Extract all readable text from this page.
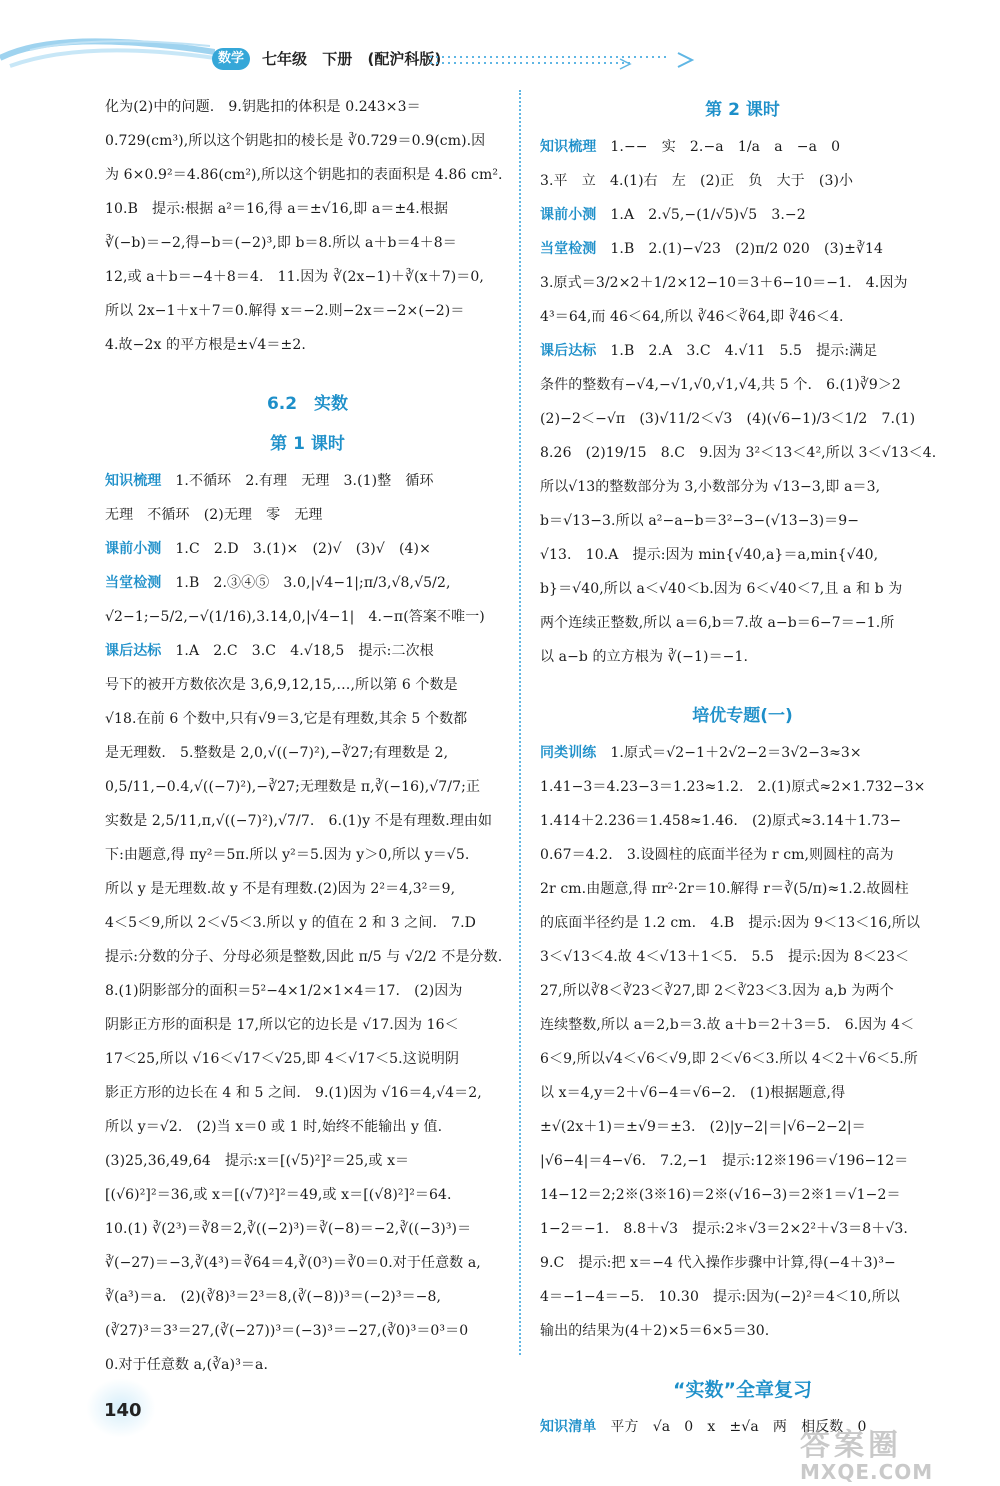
数学	七年级 下册 (配沪科版)
化为(2)中的问题.　9.钥匙扣的体积是 0.243×3＝
0.729(cm³),所以这个钥匙扣的棱长是 ∛0.729＝0.9(cm).因
为 6×0.9²＝4.86(cm²),所以这个钥匙扣的表面积是 4.86 cm².
10.B　提示:根据 a²＝16,得 a＝±√16,即 a＝±4.根据
∛(−b)＝−2,得−b＝(−2)³,即 b＝8.所以 a＋b＝4＋8＝
12,或 a＋b＝−4＋8＝4.　11.因为 ∛(2x−1)＋∛(x＋7)＝0,
所以 2x−1＋x＋7＝0.解得 x＝−2.则−2x＝−2×(−2)＝
4.故−2x 的平方根是±√4＝±2.
6.2　实数
第 1 课时
知识梳理 1.不循环　2.有理　无理　3.(1)整　循环
无理　不循环　(2)无理　零　无理
课前小测 1.C　2.D　3.(1)×　(2)√　(3)√　(4)×
当堂检测 1.B　2.③④⑤　3.0,|√4−1|;π/3,√8,√5/2,
√2−1;−5/2,−√(1/16),3.14,0,|√4−1|　4.−π(答案不唯一)
课后达标 1.A　2.C　3.C　4.√18,5　提示:二次根
号下的被开方数依次是 3,6,9,12,15,…,所以第 6 个数是
√18.在前 6 个数中,只有√9＝3,它是有理数,其余 5 个数都
是无理数.　5.整数是 2,0,√((−7)²),−∛27;有理数是 2,
0,5/11,−0.4,√((−7)²),−∛27;无理数是 π,∛(−16),√7/7;正
实数是 2,5/11,π,√((−7)²),√7/7.　6.(1)y 不是有理数.理由如
下:由题意,得 πy²＝5π.所以 y²＝5.因为 y＞0,所以 y＝√5.
所以 y 是无理数.故 y 不是有理数.(2)因为 2²＝4,3²＝9,
4＜5＜9,所以 2＜√5＜3.所以 y 的值在 2 和 3 之间.　7.D
提示:分数的分子、分母必须是整数,因此 π/5 与 √2/2 不是分数.
8.(1)阴影部分的面积＝5²−4×1/2×1×4＝17.　(2)因为
阴影正方形的面积是 17,所以它的边长是 √17.因为 16＜
17＜25,所以 √16＜√17＜√25,即 4＜√17＜5.这说明阴
影正方形的边长在 4 和 5 之间.　9.(1)因为 √16＝4,√4＝2,
所以 y＝√2.　(2)当 x＝0 或 1 时,始终不能输出 y 值.
(3)25,36,49,64　提示:x＝[(√5)²]²＝25,或 x＝
[(√6)²]²＝36,或 x＝[(√7)²]²＝49,或 x＝[(√8)²]²＝64.
10.(1) ∛(2³)＝∛8＝2,∛((−2)³)＝∛(−8)＝−2,∛((−3)³)＝
∛(−27)＝−3,∛(4³)＝∛64＝4,∛(0³)＝∛0＝0.对于任意数 a,
∛(a³)＝a.　(2)(∛8)³＝2³＝8,(∛(−8))³＝(−2)³＝−8,
(∛27)³＝3³＝27,(∛(−27))³＝(−3)³＝−27,(∛0)³＝0³＝0
0.对于任意数 a,(∛a)³＝a.
第 2 课时
知识梳理 1.−−　实　2.−a　1/a　a　−a　0
3.平　立　4.(1)右　左　(2)正　负　大于　(3)小
课前小测 1.A　2.√5,−(1/√5)√5　3.−2
当堂检测 1.B　2.(1)−√23　(2)π/2 020　(3)±∛14
3.原式＝3/2×2＋1/2×12−10＝3＋6−10＝−1.　4.因为
4³＝64,而 46＜64,所以 ∛46＜∛64,即 ∛46＜4.
课后达标 1.B　2.A　3.C　4.√11　5.5　提示:满足
条件的整数有−√4,−√1,√0,√1,√4,共 5 个.　6.(1)∛9＞2
(2)−2＜−√π　(3)√11/2＜√3　(4)(√6−1)/3＜1/2　7.(1)
8.26　(2)19/15　8.C　9.因为 3²＜13＜4²,所以 3＜√13＜4.
所以√13的整数部分为 3,小数部分为 √13−3,即 a＝3,
b＝√13−3.所以 a²−a−b＝3²−3−(√13−3)＝9−
√13.　10.A　提示:因为 min{√40,a}＝a,min{√40,
b}＝√40,所以 a＜√40＜b.因为 6＜√40＜7,且 a 和 b 为
两个连续正整数,所以 a＝6,b＝7.故 a−b＝6−7＝−1.所
以 a−b 的立方根为 ∛(−1)＝−1.
培优专题(一)
同类训练 1.原式＝√2−1＋2√2−2＝3√2−3≈3×
1.41−3＝4.23−3＝1.23≈1.2.　2.(1)原式≈2×1.732−3×
1.414＋2.236＝1.458≈1.46.　(2)原式≈3.14＋1.73−
0.67＝4.2.　3.设圆柱的底面半径为 r cm,则圆柱的高为
2r cm.由题意,得 πr²·2r＝10.解得 r＝∛(5/π)≈1.2.故圆柱
的底面半径约是 1.2 cm.　4.B　提示:因为 9＜13＜16,所以
3＜√13＜4.故 4＜√13＋1＜5.　5.5　提示:因为 8＜23＜
27,所以∛8＜∛23＜∛27,即 2＜∛23＜3.因为 a,b 为两个
连续整数,所以 a＝2,b＝3.故 a＋b＝2＋3＝5.　6.因为 4＜
6＜9,所以√4＜√6＜√9,即 2＜√6＜3.所以 4＜2＋√6＜5.所
以 x＝4,y＝2＋√6−4＝√6−2.　(1)根据题意,得
±√(2x＋1)＝±√9＝±3.　(2)|y−2|＝|√6−2−2|＝
|√6−4|＝4−√6.　7.2,−1　提示:12※196＝√196−12＝
14−12＝2;2※(3※16)＝2※(√16−3)＝2※1＝√1−2＝
1−2＝−1.　8.8＋√3　提示:2＊√3＝2×2²＋√3＝8＋√3.
9.C　提示:把 x＝−4 代入操作步骤中计算,得(−4＋3)³−
4＝−1−4＝−5.　10.30　提示:因为(−2)²＝4＜10,所以
输出的结果为(4＋2)×5＝6×5＝30.
“实数”全章复习
知识清单 平方　√a　0　x　±√a　两　相反数　0
140
答案圈
MXQE.COM
